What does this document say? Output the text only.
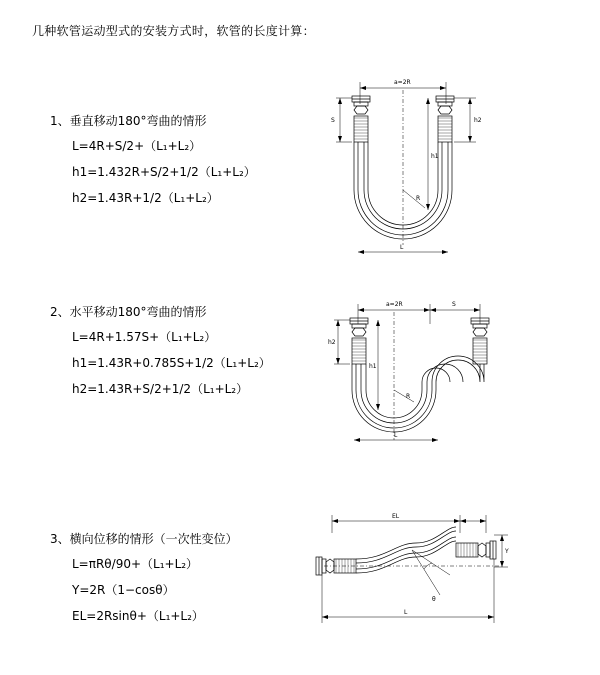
几种软管运动型式的安装方式时，软管的长度计算：
1、垂直移动180°弯曲的情形
L=4R+S/2+（L₁+L₂）
h1=1.432R+S/2+1/2（L₁+L₂）
h2=1.43R+1/2（L₁+L₂）
2、水平移动180°弯曲的情形
L=4R+1.57S+（L₁+L₂）
h1=1.43R+0.785S+1/2（L₁+L₂）
h2=1.43R+S/2+1/2（L₁+L₂）
3、横向位移的情形（一次性变位）
L=πRθ/90+（L₁+L₂）
Y=2R（1−cosθ）
EL=2Rsinθ+（L₁+L₂）
a=2R
R
h2
h1
S
L
a=2R	S
R
h2
h1
L
EL
θ
Y
L
